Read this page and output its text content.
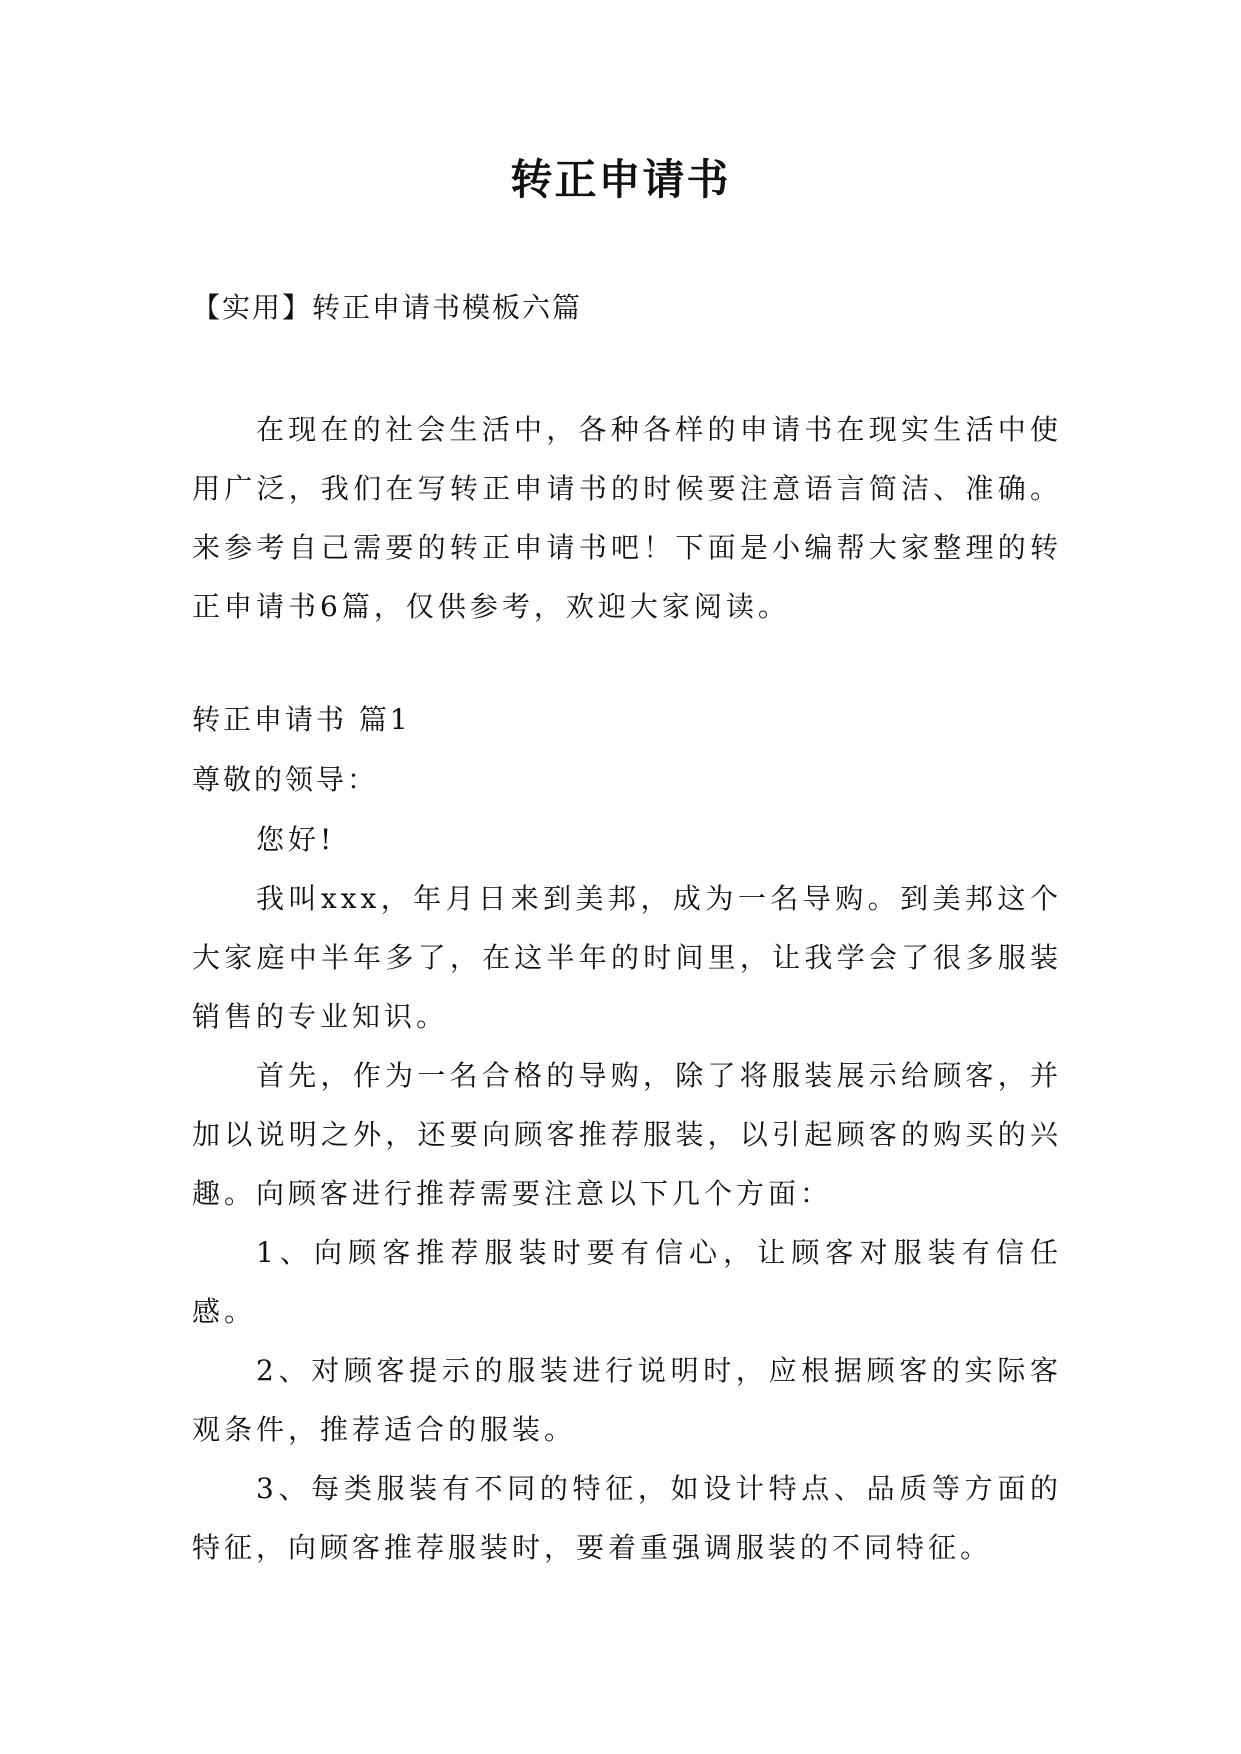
转正申请书
【实用】转正申请书模板六篇
在现在的社会生活中，各种各样的申请书在现实生活中使用广泛，我们在写转正申请书的时候要注意语言简洁、准确。来参考自己需要的转正申请书吧！下面是小编帮大家整理的转正申请书6篇，仅供参考，欢迎大家阅读。
转正申请书 篇1
尊敬的领导：

您好!

我叫xxx，年月日来到美邦，成为一名导购。到美邦这个大家庭中半年多了，在这半年的时间里，让我学会了很多服装销售的专业知识。

首先，作为一名合格的导购，除了将服装展示给顾客，并加以说明之外，还要向顾客推荐服装，以引起顾客的购买的兴趣。向顾客进行推荐需要注意以下几个方面：

1、向顾客推荐服装时要有信心，让顾客对服装有信任感。

2、对顾客提示的服装进行说明时，应根据顾客的实际客观条件，推荐适合的服装。

3、每类服装有不同的特征，如设计特点、品质等方面的特征，向顾客推荐服装时，要着重强调服装的不同特征。
